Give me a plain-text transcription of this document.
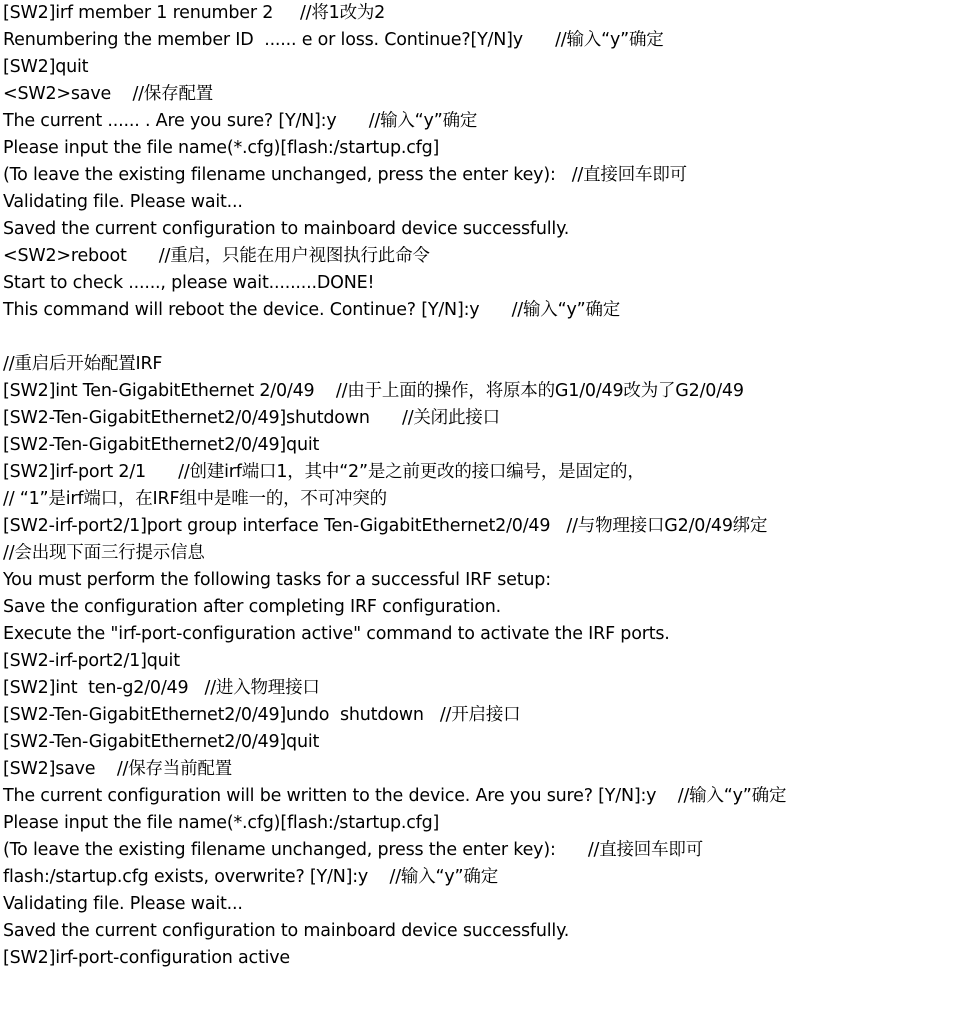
[SW2]irf member 1 renumber 2     //将1改为2
Renumbering the member ID  ...... e or loss. Continue?[Y/N]y      //输入“y”确定
[SW2]quit
<SW2>save    //保存配置
The current ...... . Are you sure? [Y/N]:y      //输入“y”确定
Please input the file name(*.cfg)[flash:/startup.cfg]
(To leave the existing filename unchanged, press the enter key):   //直接回车即可
Validating file. Please wait...
Saved the current configuration to mainboard device successfully.
<SW2>reboot      //重启，只能在用户视图执行此命令
Start to check ......, please wait.........DONE!
This command will reboot the device. Continue? [Y/N]:y      //输入“y”确定
//重启后开始配置IRF
[SW2]int Ten-GigabitEthernet 2/0/49    //由于上面的操作，将原本的G1/0/49改为了G2/0/49
[SW2-Ten-GigabitEthernet2/0/49]shutdown      //关闭此接口
[SW2-Ten-GigabitEthernet2/0/49]quit
[SW2]irf-port 2/1      //创建irf端口1，其中“2”是之前更改的接口编号，是固定的，
// “1”是irf端口，在IRF组中是唯一的，不可冲突的
[SW2-irf-port2/1]port group interface Ten-GigabitEthernet2/0/49   //与物理接口G2/0/49绑定
//会出现下面三行提示信息
You must perform the following tasks for a successful IRF setup:
Save the configuration after completing IRF configuration.
Execute the "irf-port-configuration active" command to activate the IRF ports.
[SW2-irf-port2/1]quit
[SW2]int  ten-g2/0/49   //进入物理接口
[SW2-Ten-GigabitEthernet2/0/49]undo  shutdown   //开启接口
[SW2-Ten-GigabitEthernet2/0/49]quit
[SW2]save    //保存当前配置
The current configuration will be written to the device. Are you sure? [Y/N]:y    //输入“y”确定
Please input the file name(*.cfg)[flash:/startup.cfg]
(To leave the existing filename unchanged, press the enter key):      //直接回车即可
flash:/startup.cfg exists, overwrite? [Y/N]:y    //输入“y”确定
Validating file. Please wait...
Saved the current configuration to mainboard device successfully.
[SW2]irf-port-configuration active
